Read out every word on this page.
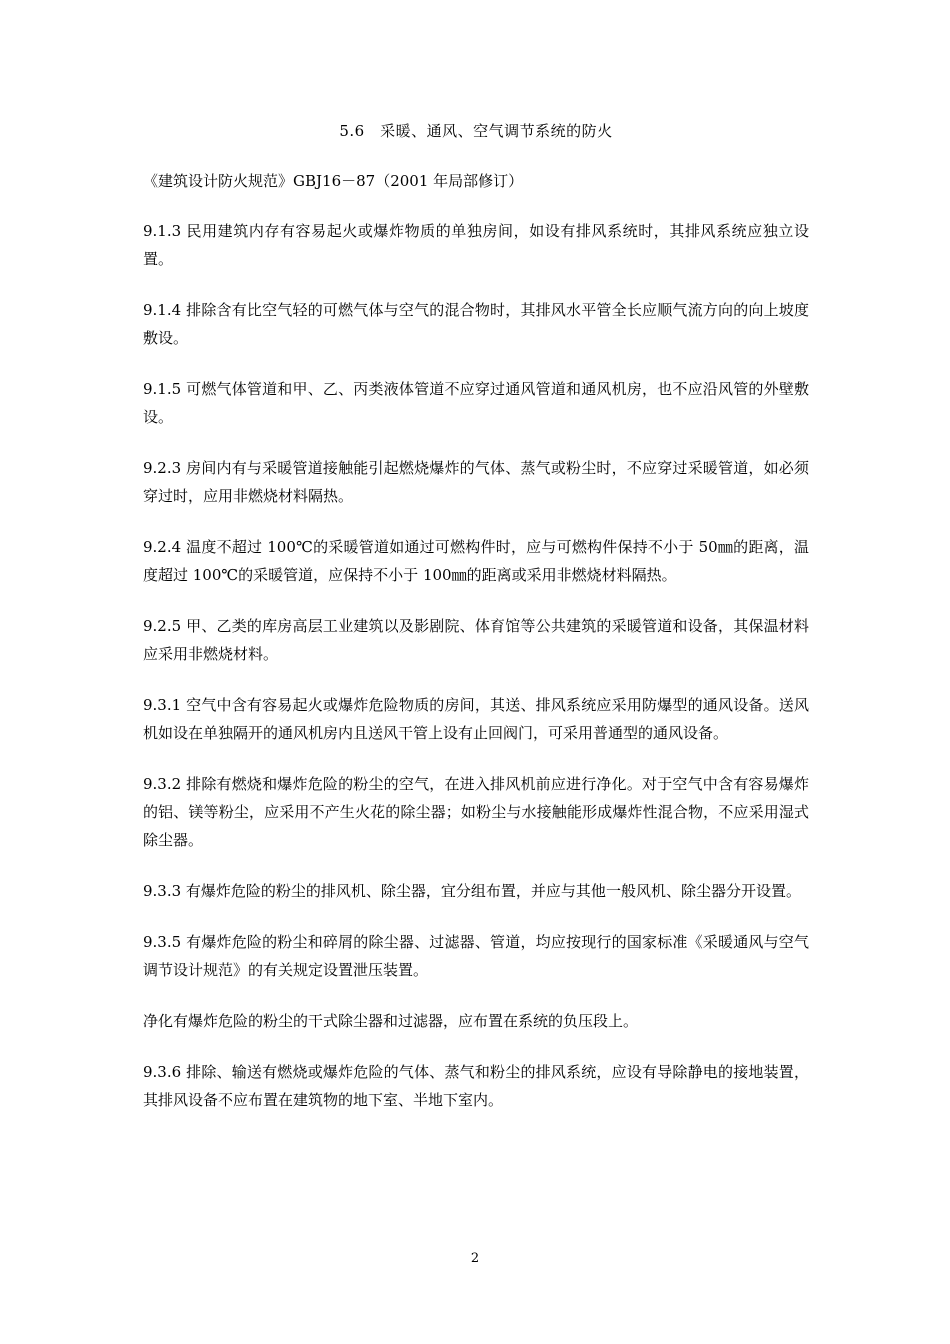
5.6　采暖、通风、空气调节系统的防火
《建筑设计防火规范》GBJ16－87（2001 年局部修订）

9.1.3 民用建筑内存有容易起火或爆炸物质的单独房间，如设有排风系统时，其排风系统应独立设置。

9.1.4 排除含有比空气轻的可燃气体与空气的混合物时，其排风水平管全长应顺气流方向的向上坡度敷设。

9.1.5 可燃气体管道和甲、乙、丙类液体管道不应穿过通风管道和通风机房，也不应沿风管的外壁敷设。

9.2.3 房间内有与采暖管道接触能引起燃烧爆炸的气体、蒸气或粉尘时，不应穿过采暖管道，如必须穿过时，应用非燃烧材料隔热。

9.2.4 温度不超过 100℃的采暖管道如通过可燃构件时，应与可燃构件保持不小于 50㎜的距离，温度超过 100℃的采暖管道，应保持不小于 100㎜的距离或采用非燃烧材料隔热。

9.2.5 甲、乙类的库房高层工业建筑以及影剧院、体育馆等公共建筑的采暖管道和设备，其保温材料应采用非燃烧材料。

9.3.1 空气中含有容易起火或爆炸危险物质的房间，其送、排风系统应采用防爆型的通风设备。送风机如设在单独隔开的通风机房内且送风干管上设有止回阀门，可采用普通型的通风设备。

9.3.2 排除有燃烧和爆炸危险的粉尘的空气，在进入排风机前应进行净化。对于空气中含有容易爆炸的铝、镁等粉尘，应采用不产生火花的除尘器；如粉尘与水接触能形成爆炸性混合物，不应采用湿式除尘器。

9.3.3 有爆炸危险的粉尘的排风机、除尘器，宜分组布置，并应与其他一般风机、除尘器分开设置。

9.3.5 有爆炸危险的粉尘和碎屑的除尘器、过滤器、管道，均应按现行的国家标准《采暖通风与空气调节设计规范》的有关规定设置泄压装置。

净化有爆炸危险的粉尘的干式除尘器和过滤器，应布置在系统的负压段上。

9.3.6 排除、输送有燃烧或爆炸危险的气体、蒸气和粉尘的排风系统，应设有导除静电的接地装置，其排风设备不应布置在建筑物的地下室、半地下室内。

2
